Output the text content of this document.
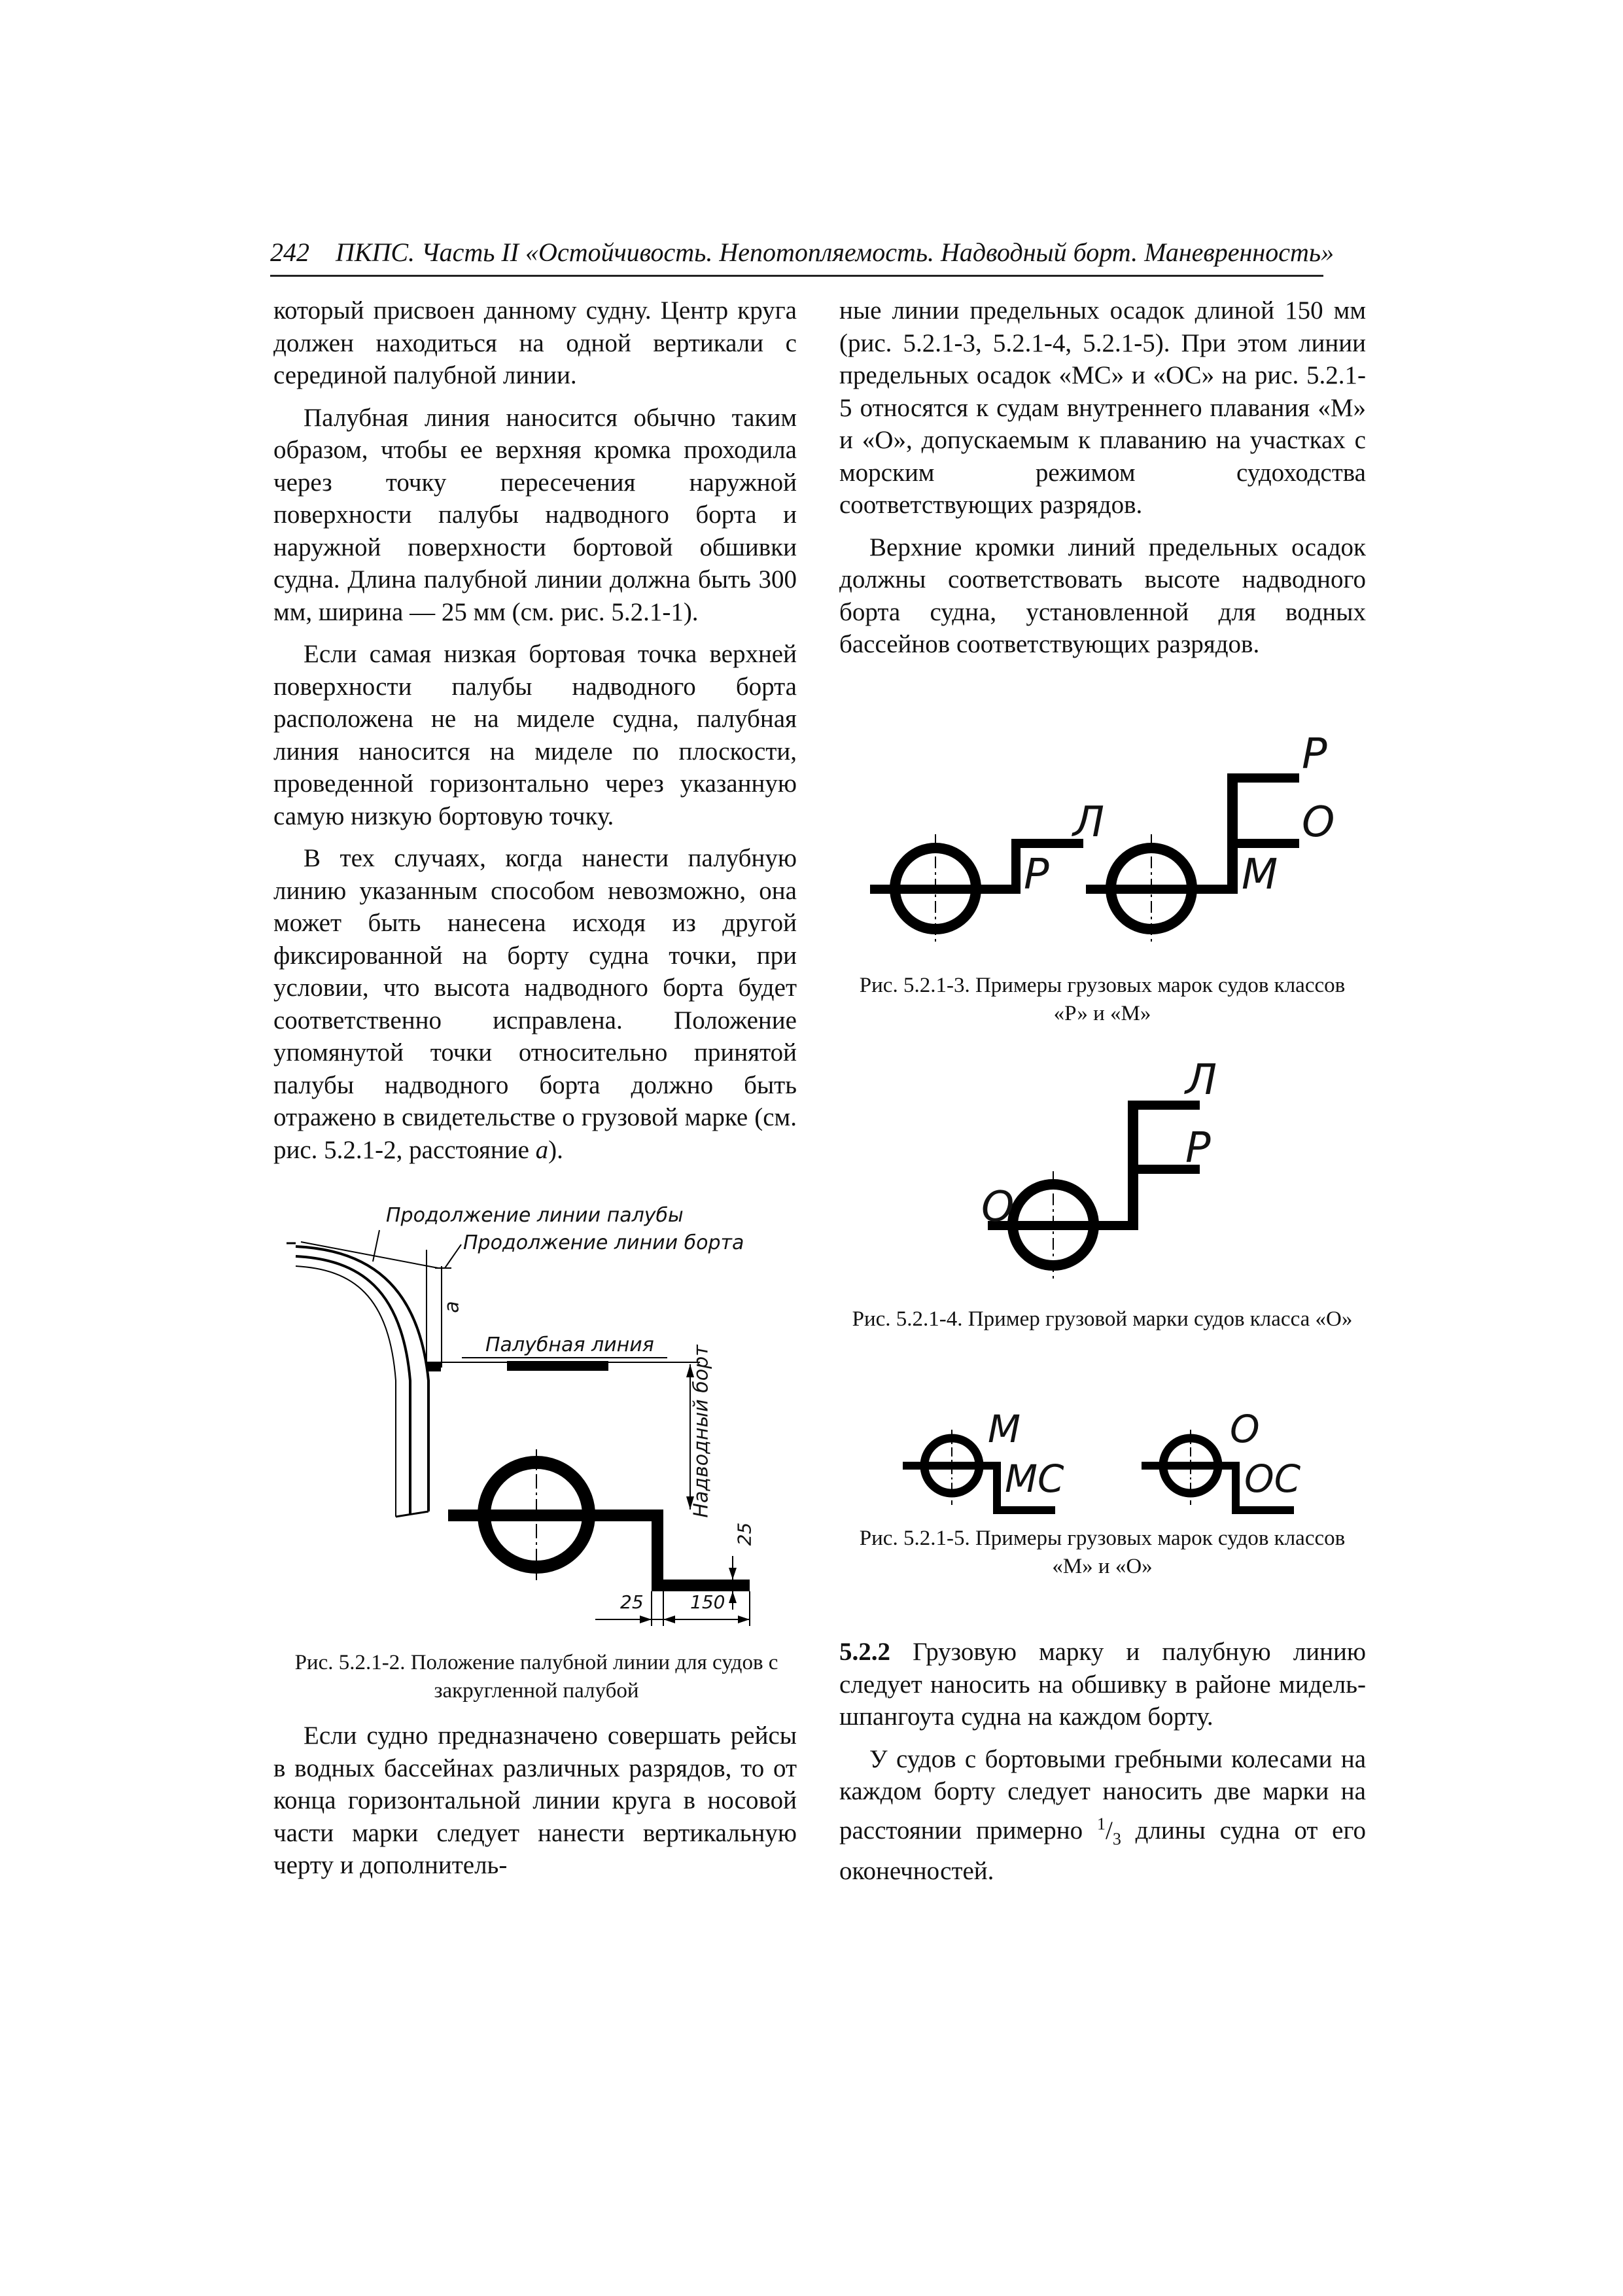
242 ПКПС. Часть II «Остойчивость. Непотопляемость. Надводный борт. Маневренность»

который присвоен данному судну. Центр круга должен находиться на одной вертикали с серединой палубной линии.

Палубная линия наносится обычно таким образом, чтобы ее верхняя кромка проходила через точку пересечения наружной поверхности палубы надводного борта и наружной поверхности бортовой обшивки судна. Длина палубной линии должна быть 300 мм, ширина — 25 мм (см. рис. 5.2.1-1).

Если самая низкая бортовая точка верхней поверхности палубы надводного борта расположена не на миделе судна, палубная линия наносится на миделе по плоскости, проведенной горизонтально через указанную самую низкую бортовую точку.

В тех случаях, когда нанести палубную линию указанным способом невозможно, она может быть нанесена исходя из другой фиксированной на борту судна точки, при условии, что высота надводного борта будет соответственно исправлена. Положение упомянутой точки относительно принятой палубы надводного борта должно быть отражено в свидетельстве о грузовой марке (см. рис. 5.2.1-2, расстояние a).

Продолжение линии палубы
Продолжение линии борта
a
Палубная линия Надводный борт
25
25	150
Рис. 5.2.1-2. Положение палубной линии для судов с закругленной палубой

Если судно предназначено совершать рейсы в водных бассейнах различных разрядов, то от конца горизонтальной линии круга в носовой части марки следует нанести вертикальную черту и дополнитель-

ные линии предельных осадок длиной 150 мм (рис. 5.2.1-3, 5.2.1-4, 5.2.1-5). При этом линии предельных осадок «МС» и «ОС» на рис. 5.2.1-5 относятся к судам внутреннего плавания «М» и «О», допускаемым к плаванию на участках с морским режимом судоходства соответствующих разрядов.

Верхние кромки линий предельных осадок должны соответствовать высоте надводного борта судна, установленной для водных бассейнов соответствующих разрядов.

Л
Р
Р
О
М
Рис. 5.2.1-3. Примеры грузовых марок судов классов «Р» и «М»
Л
Р
О
Рис. 5.2.1-4. Пример грузовой марки судов класса «О»
М
МС
О
ОС
Рис. 5.2.1-5. Примеры грузовых марок судов классов «М» и «О»

5.2.2 Грузовую марку и палубную линию следует наносить на обшивку в районе мидель-шпангоута судна на каждом борту.

У судов с бортовыми гребными колесами на каждом борту следует наносить две марки на расстоянии примерно $^1/_3$ длины судна от его оконечностей.
